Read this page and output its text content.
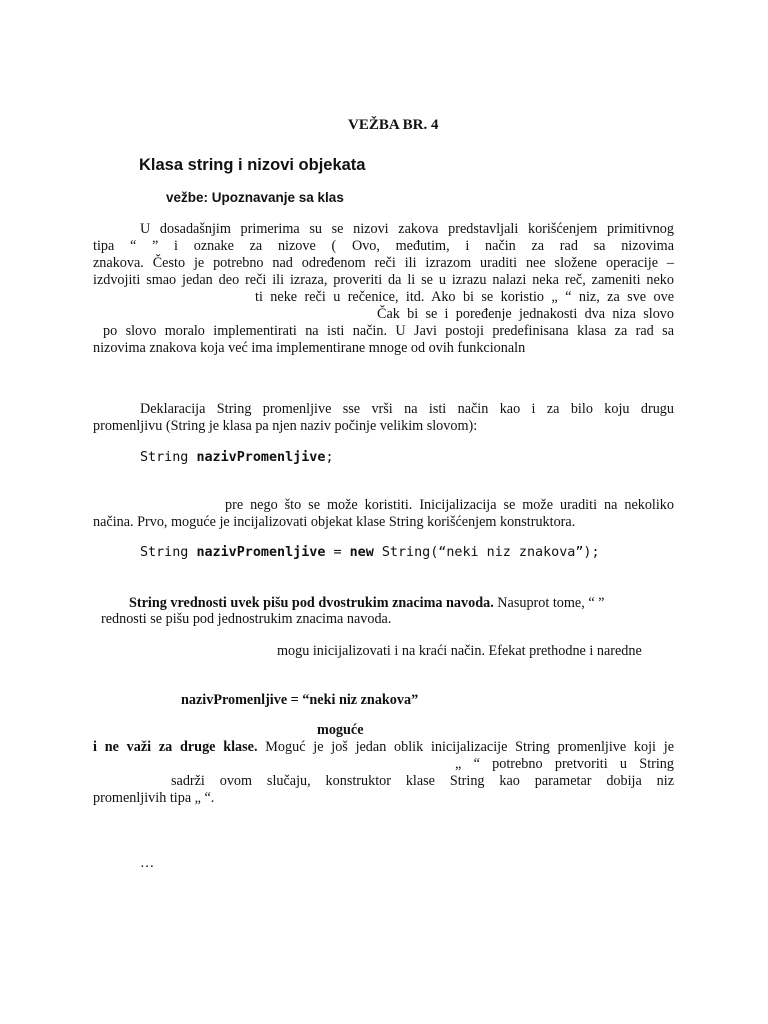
VEŽBA BR. 4
Klasa string i nizovi objekata
vežbe: Upoznavanje sa klas
U dosadašnjim primerima su se nizovi zakova predstavljali korišćenjem primitivnog
tipa “ ” i oznake za nizove ( Ovo, međutim, i način za rad sa nizovima
znakova. Često je potrebno nad određenom reči ili izrazom uraditi nee složene operacije –
izdvojiti smao jedan deo reči ili izraza, proveriti da li se u izrazu nalazi neka reč, zameniti neko
ti neke reči u rečenice, itd. Ako bi se koristio „ “ niz, za sve ove
Čak bi se i poređenje jednakosti dva niza slovo
po slovo moralo implementirati na isti način. U Javi postoji predefinisana klasa za rad sa
nizovima znakova koja već ima implementirane mnoge od ovih funkcionaln
Deklaracija String promenljive sse vrši na isti način kao i za bilo koju drugu
promenljivu (String je klasa pa njen naziv počinje velikim slovom):
String nazivPromenljive;
pre nego što se može koristiti. Inicijalizacija se može uraditi na nekoliko
načina. Prvo, moguće je incijalizovati objekat klase String korišćenjem konstruktora.
String nazivPromenljive = new String(“neki niz znakova”);
String vrednosti uvek pišu pod dvostrukim znacima navoda. Nasuprot tome, “ ”
rednosti se pišu pod jednostrukim znacima navoda.
mogu inicijalizovati i na kraći način. Efekat prethodne i naredne
nazivPromenljive = “neki niz znakova”
moguće
i ne važi za druge klase. Moguć je još jedan oblik inicijalizacije String promenljive koji je
„ “ potrebno pretvoriti u String
sadrži ovom slučaju, konstruktor klase String kao parametar dobija niz
promenljivih tipa „ “.
…
